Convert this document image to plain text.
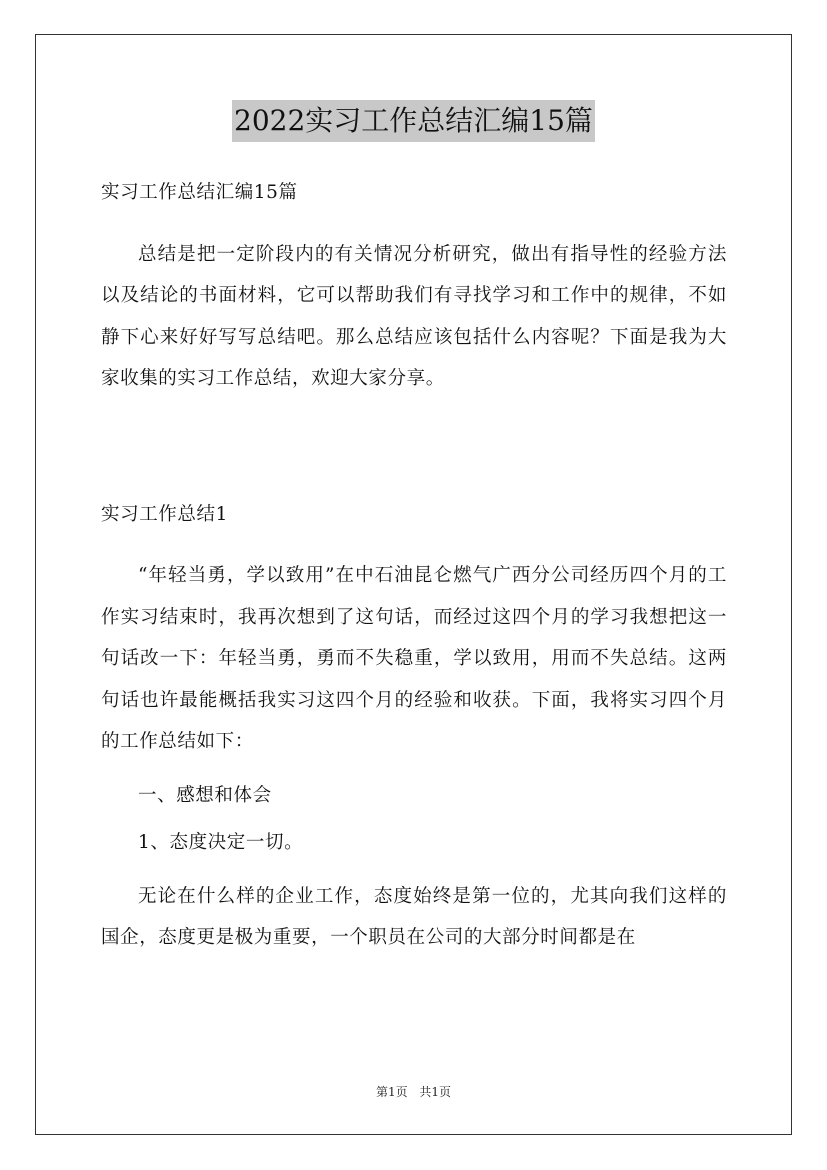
2022实习工作总结汇编15篇

实习工作总结汇编15篇

总结是把一定阶段内的有关情况分析研究，做出有指导性的经验方法以及结论的书面材料，它可以帮助我们有寻找学习和工作中的规律，不如静下心来好好写写总结吧。那么总结应该包括什么内容呢？下面是我为大家收集的实习工作总结，欢迎大家分享。

实习工作总结1

“年轻当勇，学以致用”在中石油昆仑燃气广西分公司经历四个月的工作实习结束时，我再次想到了这句话，而经过这四个月的学习我想把这一句话改一下：年轻当勇，勇而不失稳重，学以致用，用而不失总结。这两句话也许最能概括我实习这四个月的经验和收获。下面，我将实习四个月的工作总结如下：

一、感想和体会

1、态度决定一切。

无论在什么样的企业工作，态度始终是第一位的，尤其向我们这样的国企，态度更是极为重要，一个职员在公司的大部分时间都是在

第1页 共1页
